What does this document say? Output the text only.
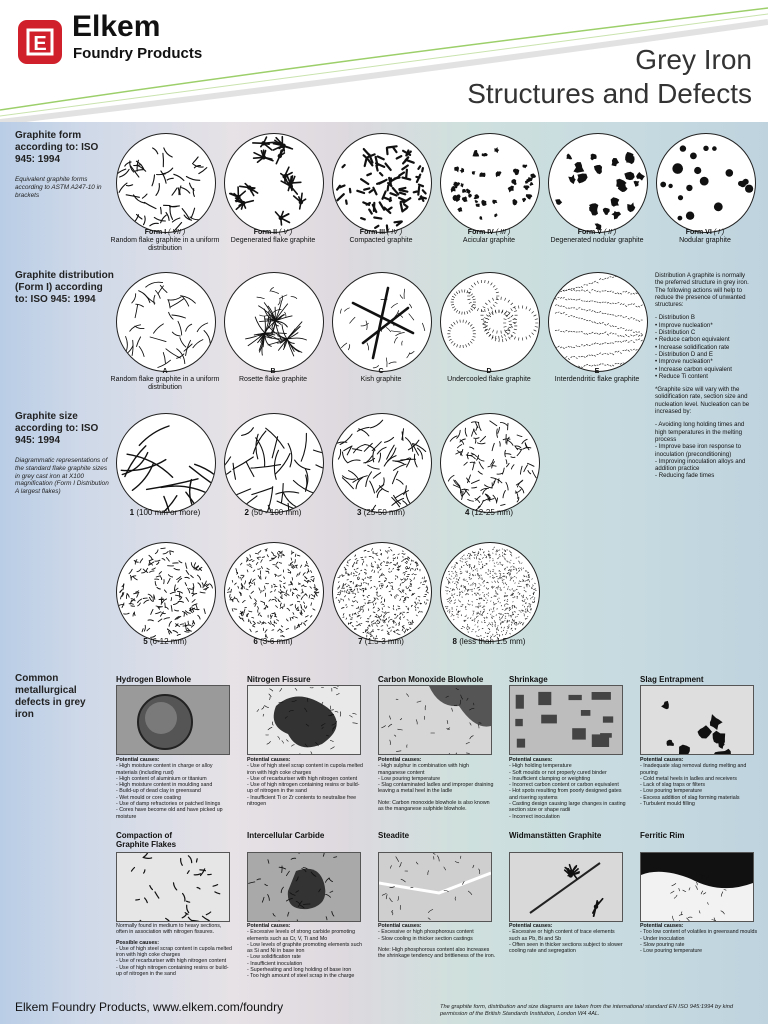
E
Elkem
Foundry Products	Grey Iron
Structures and Defects
Graphite form according to: ISO 945: 1994
Equivalent graphite forms according to ASTM A247-10 in brackets
Graphite distribution (Form I) according to: ISO 945: 1994
Graphite size according to: ISO 945: 1994
Diagrammatic representations of the standard flake graphite sizes in grey cast iron at X100 magnification (Form I Distribution A largest flakes)

Distribution A graphite is normally the preferred structure in grey iron. The following actions will help to reduce the presence of unwanted structures:

- Distribution B
• Improve nucleation*
- Distribution C
• Reduce carbon equivalent
• Increase solidification rate
- Distribution D and E
• Improve nucleation*
• Increase carbon equivalent
• Reduce Ti content

*Graphite size will vary with the solidification rate, section size and nucleation level. Nucleation can be increased by:

- Avoiding long holding times and high temperatures in the melting process
- Improve base iron response to inoculation (preconditioning)
- Improving inoculation alloys and addition practice
- Reducing fade times
Common metallurgical defects in grey iron
Form I ( VII )
Random flake graphite in a uniform distribution
Form II ( V )
Degenerated flake graphite
Form III ( IV )
Compacted graphite
Form IV ( III )
Acicular graphite
Form V ( II )
Degenerated nodular graphite
Form VI ( I )
Nodular graphite
A
Random flake graphite in a uniform distribution
B
Rosette flake graphite
C
Kish graphite
D
Undercooled flake graphite
E
Interdendritic flake graphite
1 (100 mm or more)	2 (50 - 100 mm)	3 (25-50 mm)	4 (12-25 mm)
5 (6-12 mm)	6 (3-6 mm)	7 (1.5-3 mm)	8 (less than 1.5 mm)
Hydrogen Blowhole
Potential causes:
- High moisture content in charge or alloy materials (including rust)
- High content of aluminium or titanium
- High moisture content in moulding sand
- Build-up of dead clay in greensand
- Wet mould or core coating
- Use of damp refractories or patched linings
- Cores have become old and have picked up moisture
Nitrogen Fissure
Potential causes:
- Use of high steel scrap content in cupola melted iron with high coke charges
- Use of recarburiser with high nitrogen content
- Use of high nitrogen containing resins or build-up of nitrogen in the sand
- Insufficient Ti or Zr contents to neutralise free nitrogen
Carbon Monoxide Blowhole
Potential causes:
- High sulphur in combination with high manganese content
- Low pouring temperature
- Slag contaminated ladles and improper draining leaving a metal heel in the ladle
Note: Carbon monoxide blowhole is also known as the manganese sulphide blowhole.
Shrinkage
Potential causes:
- High holding temperature
- Soft moulds or not properly cured binder
- Insufficient clamping or weighting
- Incorrect carbon content or carbon equivalent
- Hot spots resulting from poorly designed gates and risering systems
- Casting design causing large changes in casting section size or shape radii
- Incorrect inoculation
Slag Entrapment
Potential causes:
- Inadequate slag removal during melting and pouring
- Cold metal heels in ladles and receivers
- Lack of slag traps or filters
- Low pouring temperature
- Excess addition of slag forming materials
- Turbulent mould filling
Compaction of Graphite Flakes
Normally found in medium to heavy sections, often in association with nitrogen fissures.
Possible causes:
- Use of high steel scrap content in cupola melted iron with high coke charges
- Use of recarburiser with high nitrogen content
- Use of high nitrogen containing resins or build-up of nitrogen in the sand
Intercellular Carbide
Potential causes:
- Excessive levels of strong carbide promoting elements such as Cr, V, Ti and Mo
- Low levels of graphite promoting elements such as Si and Ni in base iron
- Low solidification rate
- Insufficient inoculation
- Superheating and long holding of base iron
- Too high amount of steel scrap in the charge
Steadite
Potential causes:
- Excessive or high phosphorous content
- Slow cooling in thicker section castings
Note: High phosphorous content also increases the shrinkage tendency and brittleness of the iron.
Widmanstätten Graphite
Potential causes:
- Excessive or high content of trace elements such as Pb, Bi and Sb
- Often seen in thicker sections subject to slower cooling rate and segregation
Ferritic Rim
Potential causes:
- Too low content of volatiles in greensand moulds
- Under inoculation
- Slow pouring rate
- Low pouring temperature
Elkem Foundry Products, www.elkem.com/foundry	The graphite form, distribution and size diagrams are taken from the international standard EN ISO 945:1994 by kind permission of the British Standards Institution, London W4 4AL.
